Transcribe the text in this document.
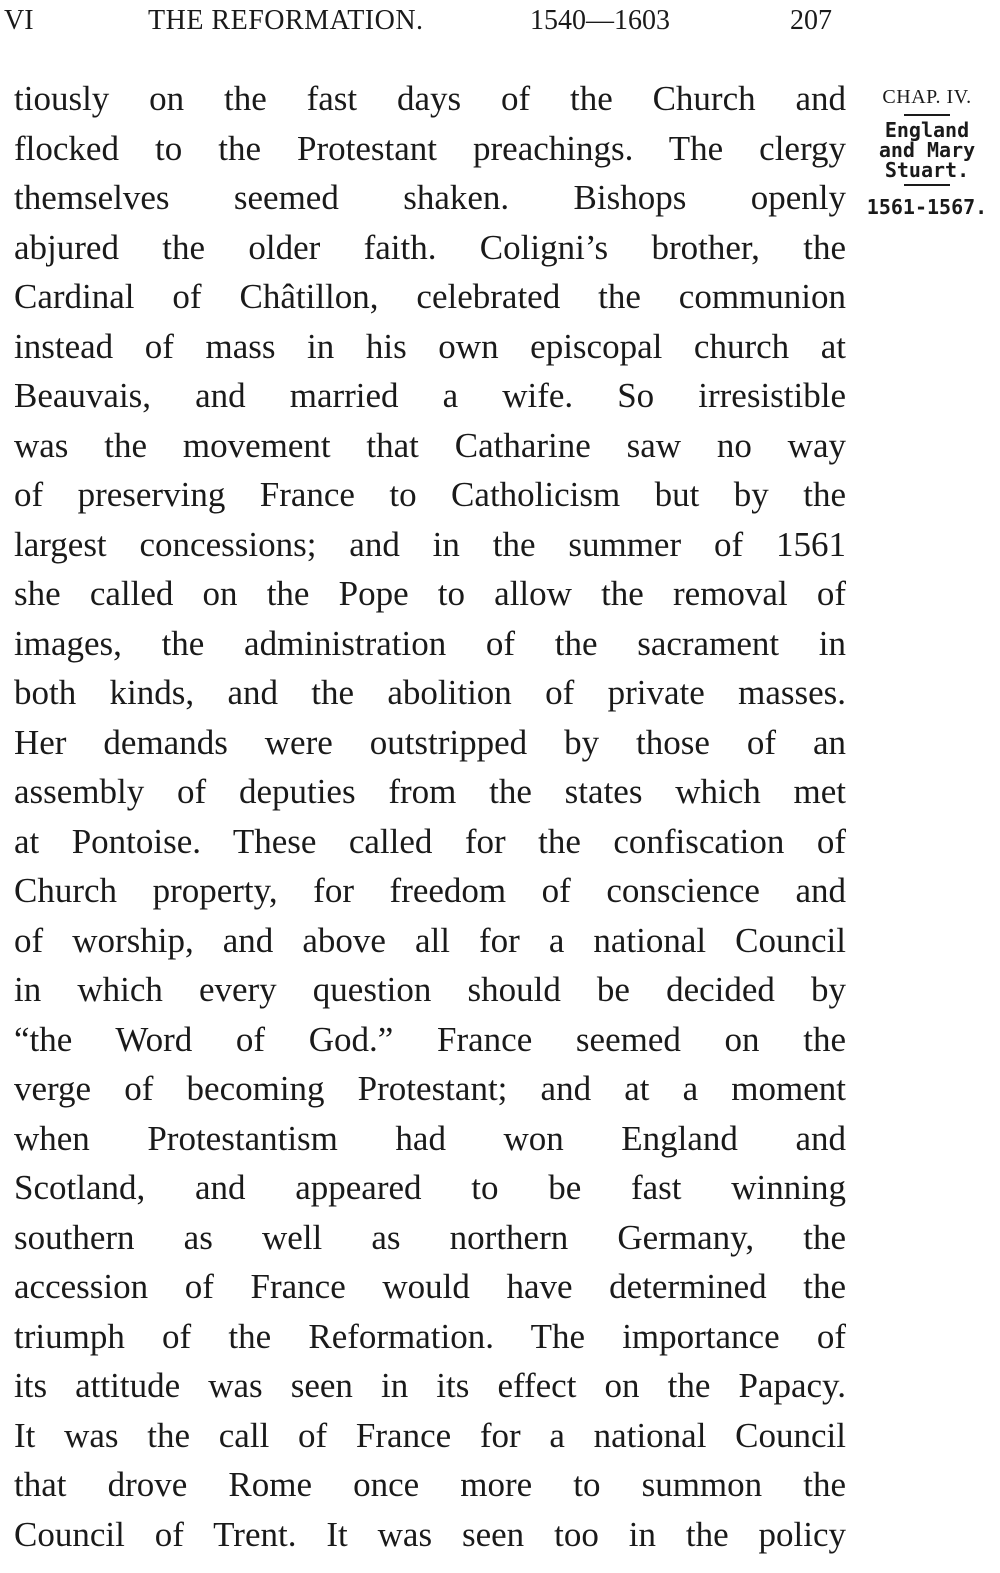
VI	THE REFORMATION.	1540—1603	207
tiously on the fast days of the Church and
flocked to the Protestant preachings. The clergy
themselves seemed shaken. Bishops openly
abjured the older faith. Coligni’s brother, the
Cardinal of Châtillon, celebrated the communion
instead of mass in his own episcopal church at
Beauvais, and married a wife. So irresistible
was the movement that Catharine saw no way
of preserving France to Catholicism but by the
largest concessions; and in the summer of 1561
she called on the Pope to allow the removal of
images, the administration of the sacrament in
both kinds, and the abolition of private masses.
Her demands were outstripped by those of an
assembly of deputies from the states which met
at Pontoise. These called for the confiscation of
Church property, for freedom of conscience and
of worship, and above all for a national Council
in which every question should be decided by
“the Word of God.” France seemed on the
verge of becoming Protestant; and at a moment
when Protestantism had won England and
Scotland, and appeared to be fast winning
southern as well as northern Germany, the
accession of France would have determined the
triumph of the Reformation. The importance of
its attitude was seen in its effect on the Papacy.
It was the call of France for a national Council
that drove Rome once more to summon the
Council of Trent. It was seen too in the policy
CHAP. IV.
England
and Mary
Stuart.
1561-1567.
